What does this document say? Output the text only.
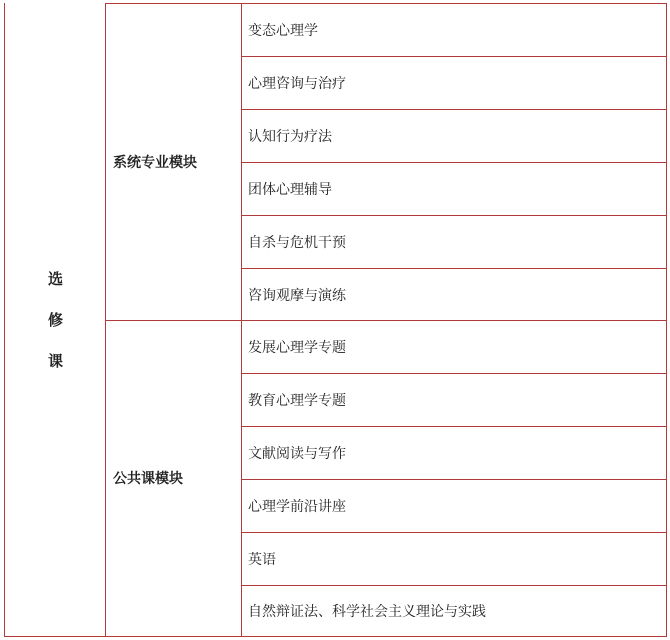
选
修
课
系统专业模块
公共课模块
变态心理学
心理咨询与治疗
认知行为疗法
团体心理辅导
自杀与危机干预
咨询观摩与演练
发展心理学专题
教育心理学专题
文献阅读与写作
心理学前沿讲座
英语
自然辩证法、科学社会主义理论与实践
